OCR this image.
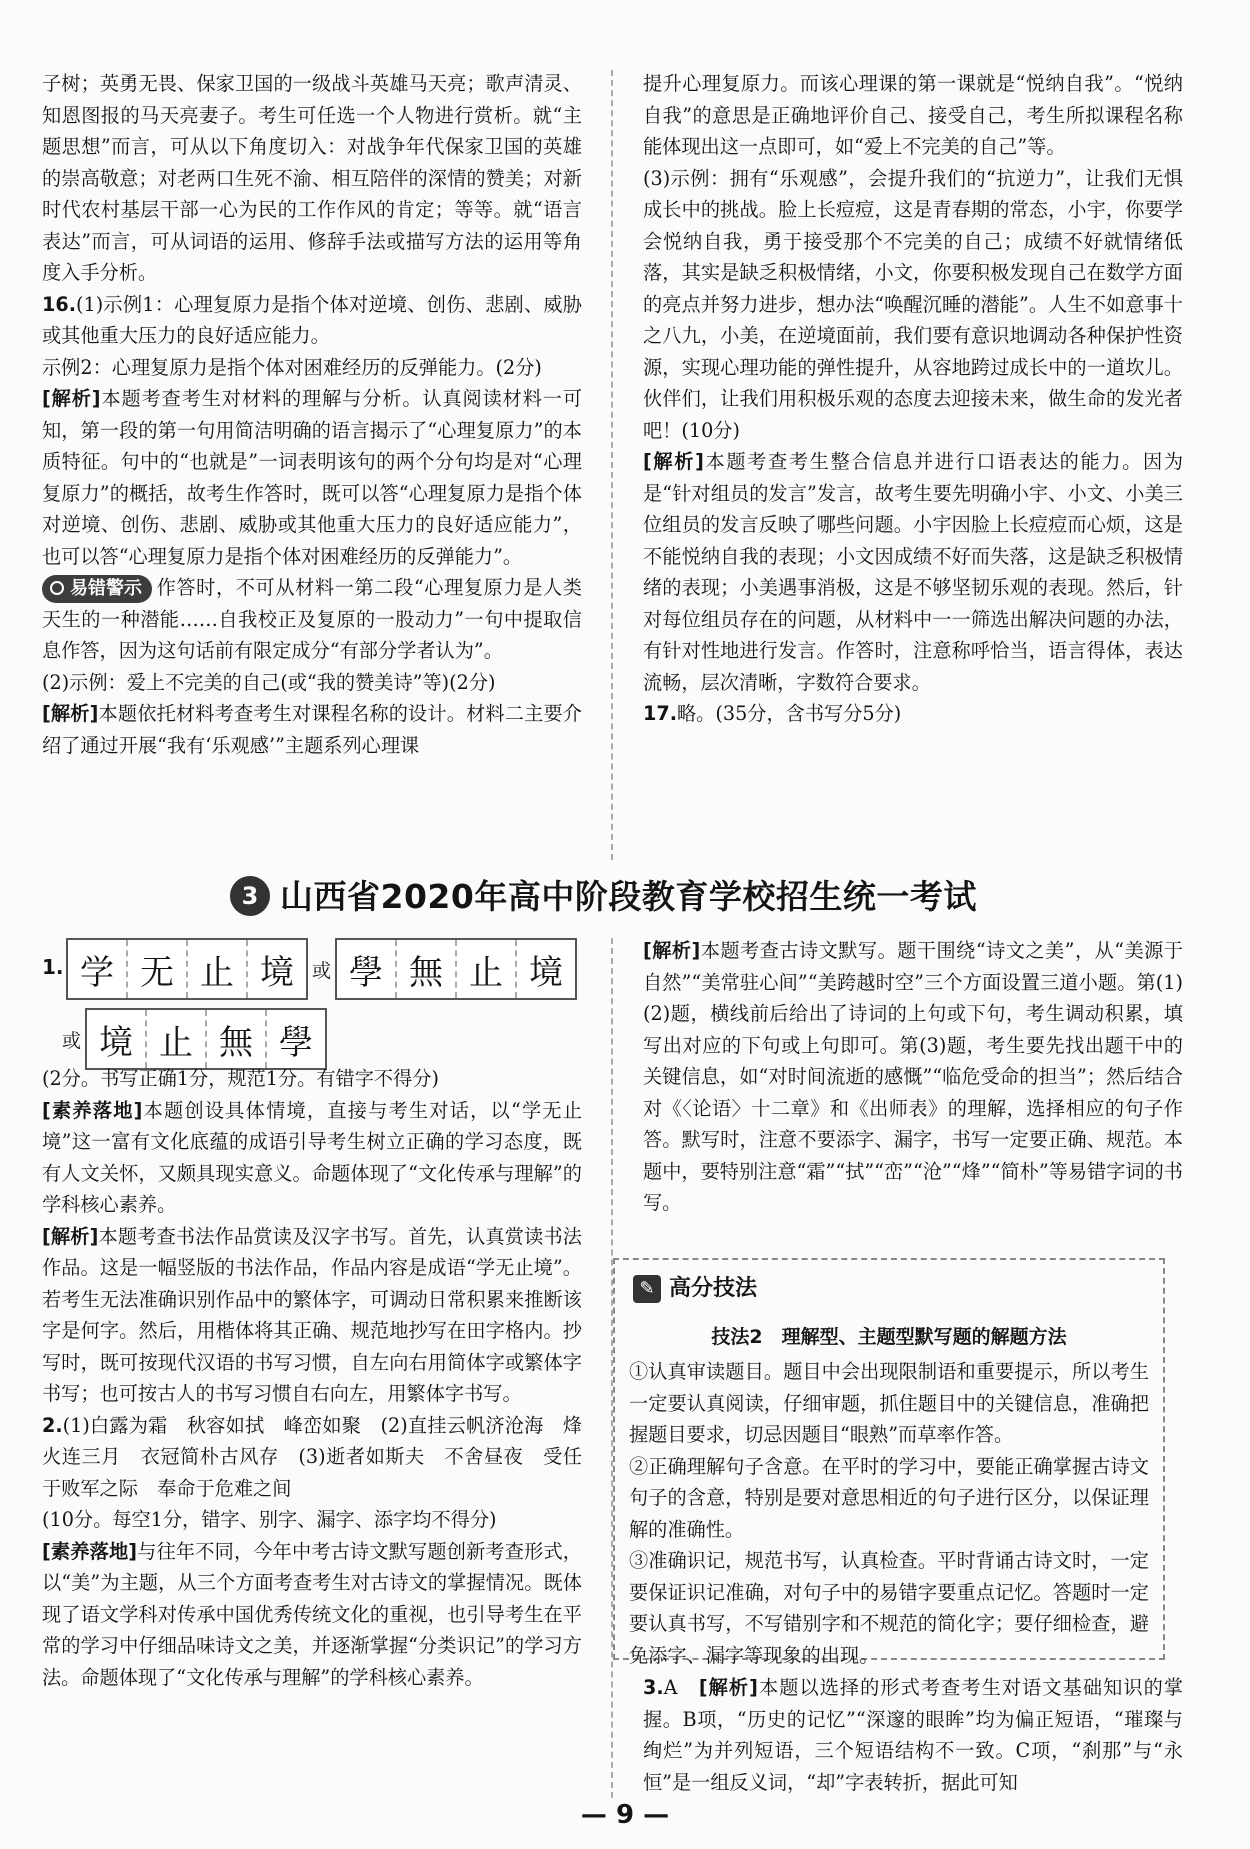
子树；英勇无畏、保家卫国的一级战斗英雄马天亮；歌声清灵、知恩图报的马天亮妻子。考生可任选一个人物进行赏析。就“主题思想”而言，可从以下角度切入：对战争年代保家卫国的英雄的崇高敬意；对老两口生死不渝、相互陪伴的深情的赞美；对新时代农村基层干部一心为民的工作作风的肯定；等等。就“语言表达”而言，可从词语的运用、修辞手法或描写方法的运用等角度入手分析。

16.(1)示例1：心理复原力是指个体对逆境、创伤、悲剧、威胁或其他重大压力的良好适应能力。

示例2：心理复原力是指个体对困难经历的反弹能力。(2分)

[解析]本题考查考生对材料的理解与分析。认真阅读材料一可知，第一段的第一句用简洁明确的语言揭示了“心理复原力”的本质特征。句中的“也就是”一词表明该句的两个分句均是对“心理复原力”的概括，故考生作答时，既可以答“心理复原力是指个体对逆境、创伤、悲剧、威胁或其他重大压力的良好适应能力”，也可以答“心理复原力是指个体对困难经历的反弹能力”。

易错警示 作答时，不可从材料一第二段“心理复原力是人类天生的一种潜能……自我校正及复原的一股动力”一句中提取信息作答，因为这句话前有限定成分“有部分学者认为”。

(2)示例：爱上不完美的自己(或“我的赞美诗”等)(2分)

[解析]本题依托材料考查考生对课程名称的设计。材料二主要介绍了通过开展“我有‘乐观感’”主题系列心理课

提升心理复原力。而该心理课的第一课就是“悦纳自我”。“悦纳自我”的意思是正确地评价自己、接受自己，考生所拟课程名称能体现出这一点即可，如“爱上不完美的自己”等。

(3)示例：拥有“乐观感”，会提升我们的“抗逆力”，让我们无惧成长中的挑战。脸上长痘痘，这是青春期的常态，小宇，你要学会悦纳自我，勇于接受那个不完美的自己；成绩不好就情绪低落，其实是缺乏积极情绪，小文，你要积极发现自己在数学方面的亮点并努力进步，想办法“唤醒沉睡的潜能”。人生不如意事十之八九，小美，在逆境面前，我们要有意识地调动各种保护性资源，实现心理功能的弹性提升，从容地跨过成长中的一道坎儿。伙伴们，让我们用积极乐观的态度去迎接未来，做生命的发光者吧！(10分)

[解析]本题考查考生整合信息并进行口语表达的能力。因为是“针对组员的发言”发言，故考生要先明确小宇、小文、小美三位组员的发言反映了哪些问题。小宇因脸上长痘痘而心烦，这是不能悦纳自我的表现；小文因成绩不好而失落，这是缺乏积极情绪的表现；小美遇事消极，这是不够坚韧乐观的表现。然后，针对每位组员存在的问题，从材料中一一筛选出解决问题的办法，有针对性地进行发言。作答时，注意称呼恰当，语言得体，表达流畅，层次清晰，字数符合要求。

17.略。(35分，含书写分5分)

3 山西省2020年高中阶段教育学校招生统一考试
1. 学 无 止 境 或 學 無 止 境
或 境 止 無 學

(2分。书写正确1分，规范1分。有错字不得分)

[素养落地]本题创设具体情境，直接与考生对话，以“学无止境”这一富有文化底蕴的成语引导考生树立正确的学习态度，既有人文关怀，又颇具现实意义。命题体现了“文化传承与理解”的学科核心素养。

[解析]本题考查书法作品赏读及汉字书写。首先，认真赏读书法作品。这是一幅竖版的书法作品，作品内容是成语“学无止境”。若考生无法准确识别作品中的繁体字，可调动日常积累来推断该字是何字。然后，用楷体将其正确、规范地抄写在田字格内。抄写时，既可按现代汉语的书写习惯，自左向右用简体字或繁体字书写；也可按古人的书写习惯自右向左，用繁体字书写。

2.(1)白露为霜　秋容如拭　峰峦如聚　(2)直挂云帆济沧海　烽火连三月　衣冠简朴古风存　(3)逝者如斯夫　不舍昼夜　受任于败军之际　奉命于危难之间

(10分。每空1分，错字、别字、漏字、添字均不得分)

[素养落地]与往年不同，今年中考古诗文默写题创新考查形式，以“美”为主题，从三个方面考查考生对古诗文的掌握情况。既体现了语文学科对传承中国优秀传统文化的重视，也引导考生在平常的学习中仔细品味诗文之美，并逐渐掌握“分类识记”的学习方法。命题体现了“文化传承与理解”的学科核心素养。

[解析]本题考查古诗文默写。题干围绕“诗文之美”，从“美源于自然”“美常驻心间”“美跨越时空”三个方面设置三道小题。第(1)(2)题，横线前后给出了诗词的上句或下句，考生调动积累，填写出对应的下句或上句即可。第(3)题，考生要先找出题干中的关键信息，如“对时间流逝的感慨”“临危受命的担当”；然后结合对《〈论语〉十二章》和《出师表》的理解，选择相应的句子作答。默写时，注意不要添字、漏字，书写一定要正确、规范。本题中，要特别注意“霜”“拭”“峦”“沧”“烽”“简朴”等易错字词的书写。

✎ 高分技法
技法2　理解型、主题型默写题的解题方法

①认真审读题目。题目中会出现限制语和重要提示，所以考生一定要认真阅读，仔细审题，抓住题目中的关键信息，准确把握题目要求，切忌因题目“眼熟”而草率作答。

②正确理解句子含意。在平时的学习中，要能正确掌握古诗文句子的含意，特别是要对意思相近的句子进行区分，以保证理解的准确性。

③准确识记，规范书写，认真检查。平时背诵古诗文时，一定要保证识记准确，对句子中的易错字要重点记忆。答题时一定要认真书写，不写错别字和不规范的简化字；要仔细检查，避免添字、漏字等现象的出现。

3.A　 [解析]本题以选择的形式考查考生对语文基础知识的掌握。B项，“历史的记忆”“深邃的眼眸”均为偏正短语，“璀璨与绚烂”为并列短语，三个短语结构不一致。C项，“刹那”与“永恒”是一组反义词，“却”字表转折，据此可知

— 9 —
